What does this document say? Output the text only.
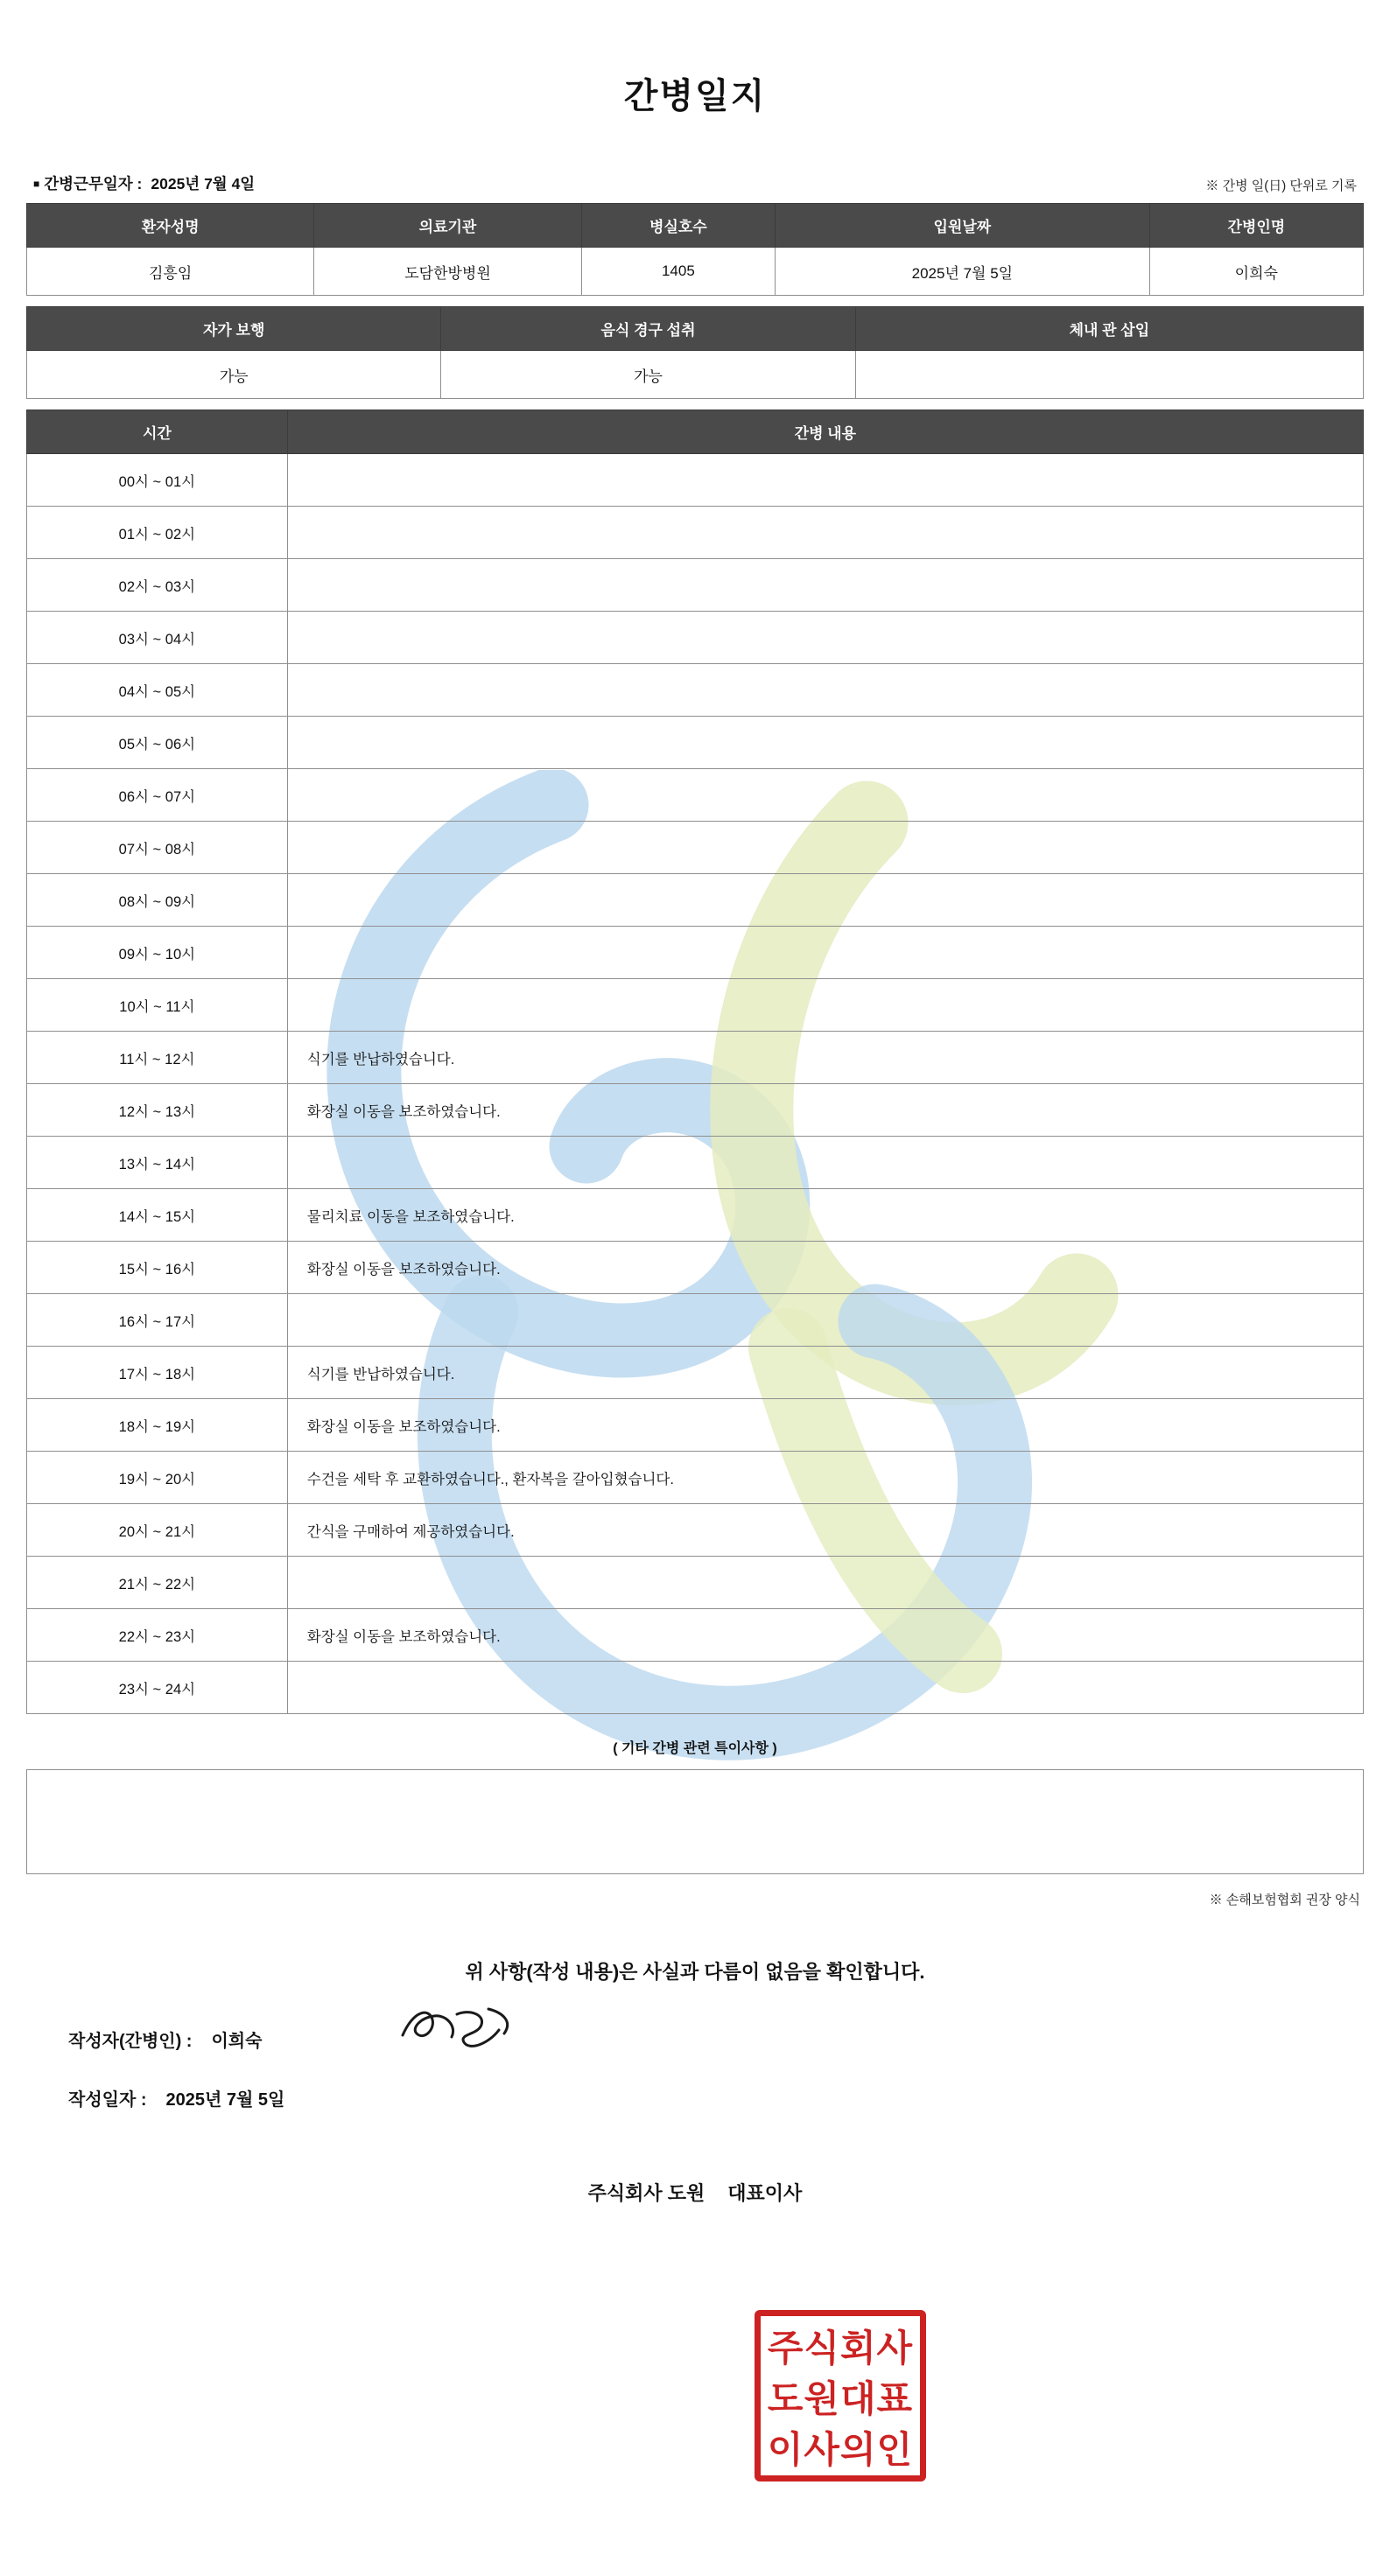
간병일지
■ 간병근무일자 : 2025년 7월 4일	※ 간병 일(日) 단위로 기록
환자성명	의료기관	병실호수	입원날짜	간병인명
김흥임	도담한방병원	1405	2025년 7월 5일	이희숙
자가 보행	음식 경구 섭취	체내 관 삽입
가능	가능	
시간	간병 내용
00시 ~ 01시	
01시 ~ 02시	
02시 ~ 03시	
03시 ~ 04시	
04시 ~ 05시	
05시 ~ 06시	
06시 ~ 07시	
07시 ~ 08시	
08시 ~ 09시	
09시 ~ 10시	
10시 ~ 11시	
11시 ~ 12시	식기를 반납하였습니다.
12시 ~ 13시	화장실 이동을 보조하였습니다.
13시 ~ 14시	
14시 ~ 15시	물리치료 이동을 보조하였습니다.
15시 ~ 16시	화장실 이동을 보조하였습니다.
16시 ~ 17시	
17시 ~ 18시	식기를 반납하였습니다.
18시 ~ 19시	화장실 이동을 보조하였습니다.
19시 ~ 20시	수건을 세탁 후 교환하였습니다., 환자복을 갈아입혔습니다.
20시 ~ 21시	간식을 구매하여 제공하였습니다.
21시 ~ 22시	
22시 ~ 23시	화장실 이동을 보조하였습니다.
23시 ~ 24시	
( 기타 간병 관련 특이사항 )
※ 손해보험협회 권장 양식
위 사항(작성 내용)은 사실과 다름이 없음을 확인합니다.
작성자(간병인) : 이희숙
작성일자 : 2025년 7월 5일
주식회사 도원 대표이사
주식회사
도원대표
이사의인
